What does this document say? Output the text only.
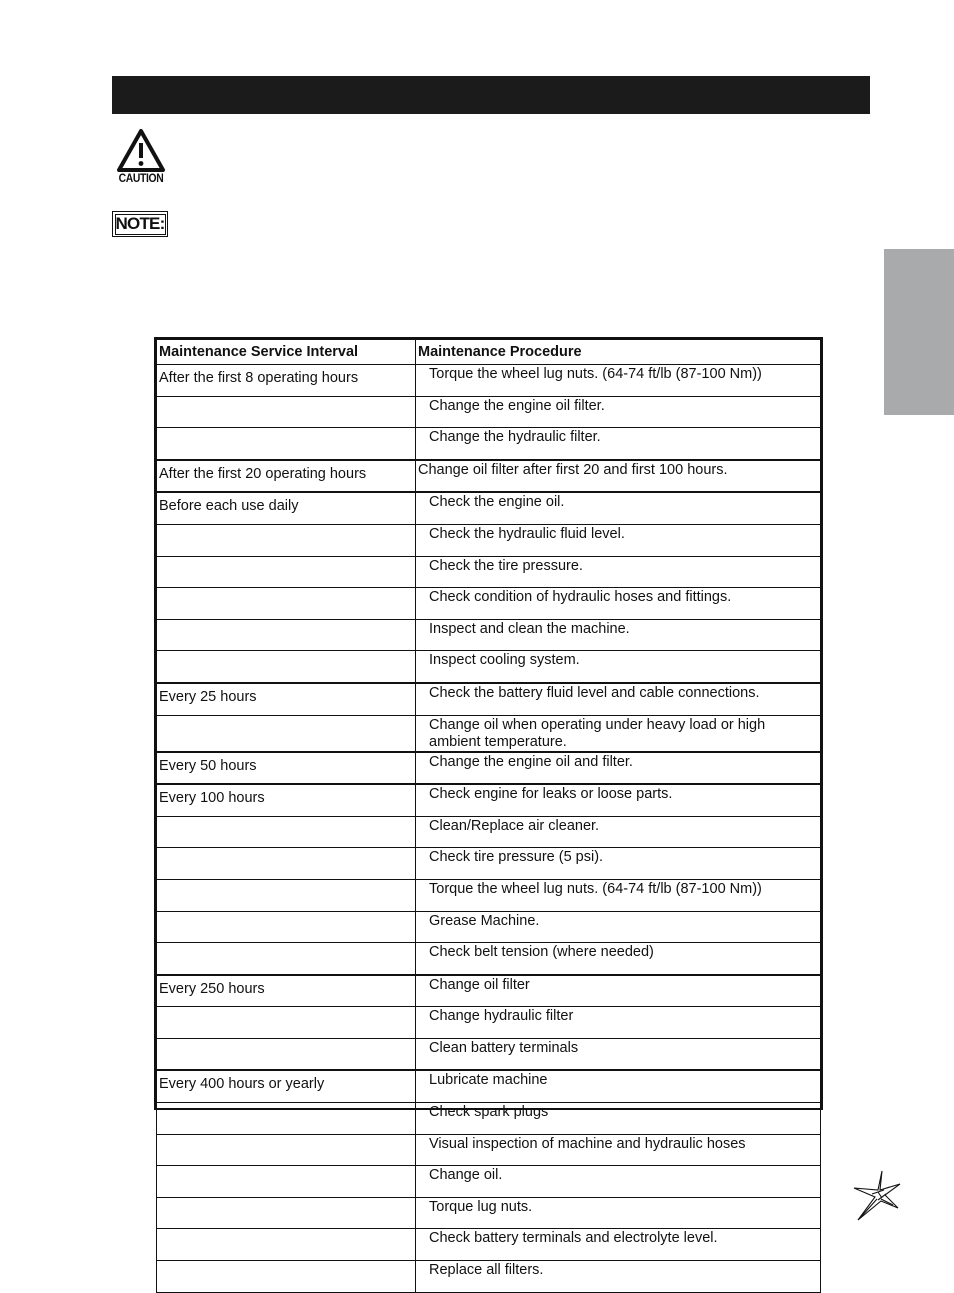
CAUTION
NOTE:
Maintenance Service Interval	Maintenance Procedure
After the first 8 operating hours	Torque the wheel lug nuts. (64-74 ft/lb (87-100 Nm))
	Change the engine oil filter.
	Change the hydraulic filter.
After the first 20 operating hours	Change oil filter after first 20 and first 100 hours.
Before each use daily	Check the engine oil.
	Check the hydraulic fluid level.
	Check the tire pressure.
	Check condition of hydraulic hoses and fittings.
	Inspect and clean the machine.
	Inspect cooling system.
Every 25 hours	Check the battery fluid level and cable connections.
	Change oil when operating under heavy load or high ambient temperature.
Every 50 hours	Change the engine oil and filter.
Every 100 hours	Check engine for leaks or loose parts.
	Clean/Replace air cleaner.
	Check tire pressure (5 psi).
	Torque the wheel lug nuts. (64-74 ft/lb (87-100 Nm))
	Grease Machine.
	Check belt tension (where needed)
Every 250 hours	Change oil filter
	Change hydraulic filter
	Clean battery terminals
Every 400 hours or yearly	Lubricate machine
	Check spark plugs
	Visual inspection of machine and hydraulic hoses
	Change oil.
	Torque lug nuts.
	Check battery terminals and electrolyte level.
	Replace all filters.
